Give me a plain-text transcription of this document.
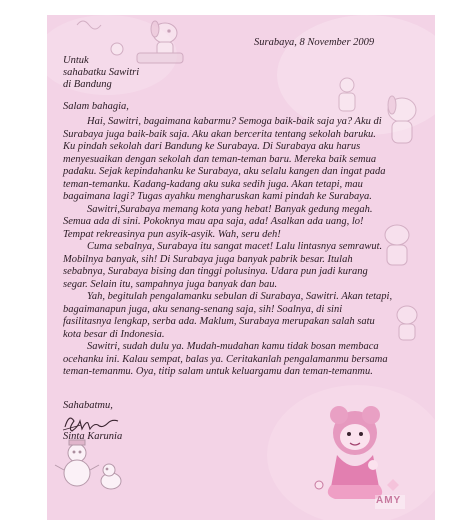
AMY
Surabaya, 8 November 2009
Untuk
sahabatku Sawitri
di Bandung
Salam bahagia,
Hai, Sawitri, bagaimana kabarmu? Semoga baik-baik saja ya? Aku di
Surabaya juga baik-baik saja. Aku akan bercerita tentang sekolah baruku.
Ku pindah sekolah dari Bandung ke Surabaya. Di Surabaya aku harus
menyesuaikan dengan sekolah dan teman-teman baru. Mereka baik semua
padaku. Sejak kepindahanku ke Surabaya, aku selalu kangen dan ingat pada
teman-temanku. Kadang-kadang aku suka sedih juga. Akan tetapi, mau
bagaimana lagi? Tugas ayahku mengharuskan kami pindah ke Surabaya.
Sawitri,Surabaya memang kota yang hebat! Banyak gedung megah.
Semua ada di sini. Pokoknya mau apa saja, ada! Asalkan ada uang, lo!
Tempat rekreasinya pun asyik-asyik. Wah, seru deh!
Cuma sebalnya, Surabaya itu sangat macet! Lalu lintasnya semrawut.
Mobilnya banyak, sih! Di Surabaya juga banyak pabrik besar. Itulah
sebabnya, Surabaya bising dan tinggi polusinya. Udara pun jadi kurang
segar. Selain itu, sampahnya juga banyak dan bau.
Yah, begitulah pengalamanku sebulan di Surabaya, Sawitri. Akan tetapi,
bagaimanapun juga, aku senang-senang saja, sih! Soalnya, di sini
fasilitasnya lengkap, serba ada. Maklum, Surabaya merupakan salah satu
kota besar di Indonesia.
Sawitri, sudah dulu ya. Mudah-mudahan kamu tidak bosan membaca
ocehanku ini. Kalau sempat, balas ya. Ceritakanlah pengalamanmu bersama
teman-temanmu. Oya, titip salam untuk keluargamu dan teman-temanmu.
Sahabatmu,
Sinta Karunia
